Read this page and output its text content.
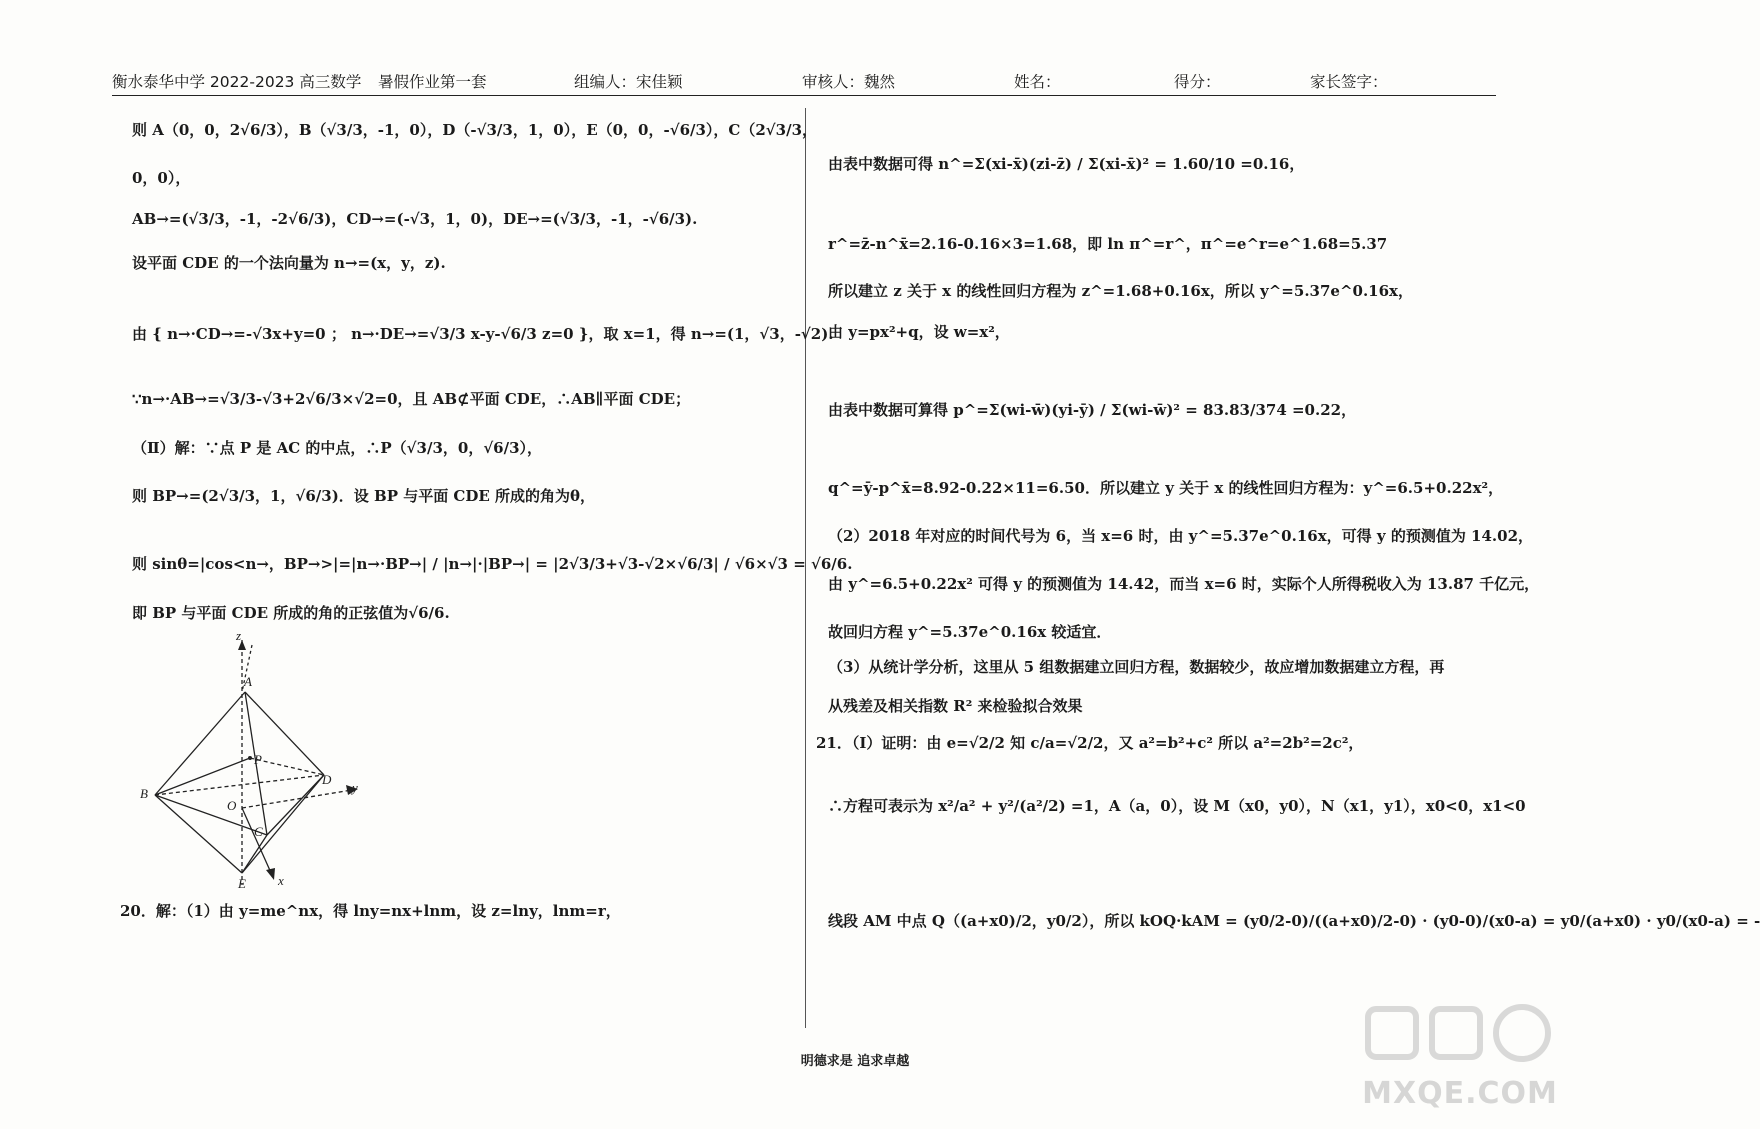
衡水泰华中学 2022-2023 高三数学 暑假作业第一套	组编人：宋佳颖	审核人：魏然	姓名：	得分：	家长签字：
则 A（0，0，2√6/3），B（√3/3，-1，0），D（-√3/3，1，0），E（0，0，-√6/3），C（2√3/3，
0，0），
AB→=(√3/3，-1，-2√6/3)，CD→=(-√3，1，0)，DE→=(√3/3，-1，-√6/3).
设平面 CDE 的一个法向量为 n→=(x，y，z).
由 { n→·CD→=-√3x+y=0 ； n→·DE→=√3/3 x-y-√6/3 z=0 }，取 x=1，得 n→=(1，√3，-√2).
∵n→·AB→=√3/3-√3+2√6/3×√2=0，且 AB⊄平面 CDE，∴AB∥平面 CDE；
（Ⅱ）解：∵点 P 是 AC 的中点，∴P（√3/3，0，√6/3），
则 BP→=(2√3/3，1，√6/3)．设 BP 与平面 CDE 所成的角为θ，
则 sinθ=|cos<n→，BP→>|=|n→·BP→| / |n→|·|BP→| = |2√3/3+√3-√2×√6/3| / √6×√3 = √6/6.
即 BP 与平面 CDE 所成的角的正弦值为√6/6.
20．解：（1）由 y=me^nx，得 lny=nx+lnm，设 z=lny，lnm=r，
z
A
P
D
y
B
O
C
E x
由表中数据可得 n^=Σ(xi-x̄)(zi-z̄) / Σ(xi-x̄)² = 1.60/10 =0.16，
r^=z̄-n^x̄=2.16-0.16×3=1.68，即 ln π^=r^，π^=e^r=e^1.68=5.37
所以建立 z 关于 x 的线性回归方程为 z^=1.68+0.16x，所以 y^=5.37e^0.16x，
由 y=px²+q，设 w=x²，
由表中数据可算得 p^=Σ(wi-w̄)(yi-ȳ) / Σ(wi-w̄)² = 83.83/374 =0.22，
q^=ȳ-p^x̄=8.92-0.22×11=6.50．所以建立 y 关于 x 的线性回归方程为：y^=6.5+0.22x²，
（2）2018 年对应的时间代号为 6，当 x=6 时，由 y^=5.37e^0.16x，可得 y 的预测值为 14.02，
由 y^=6.5+0.22x² 可得 y 的预测值为 14.42，而当 x=6 时，实际个人所得税收入为 13.87 千亿元，
故回归方程 y^=5.37e^0.16x 较适宜．
（3）从统计学分析，这里从 5 组数据建立回归方程，数据较少，故应增加数据建立方程，再
从残差及相关指数 R² 来检验拟合效果
21．（Ⅰ）证明：由 e=√2/2 知 c/a=√2/2，又 a²=b²+c² 所以 a²=2b²=2c²，
∴方程可表示为 x²/a² + y²/(a²/2) =1，A（a，0），设 M（x0，y0），N（x1，y1），x0<0，x1<0
线段 AM 中点 Q（(a+x0)/2，y0/2），所以 kOQ·kAM = (y0/2-0)/((a+x0)/2-0) · (y0-0)/(x0-a) = y0/(a+x0) · y0/(x0-a) = -
明德求是 追求卓越
MXQE.COM
